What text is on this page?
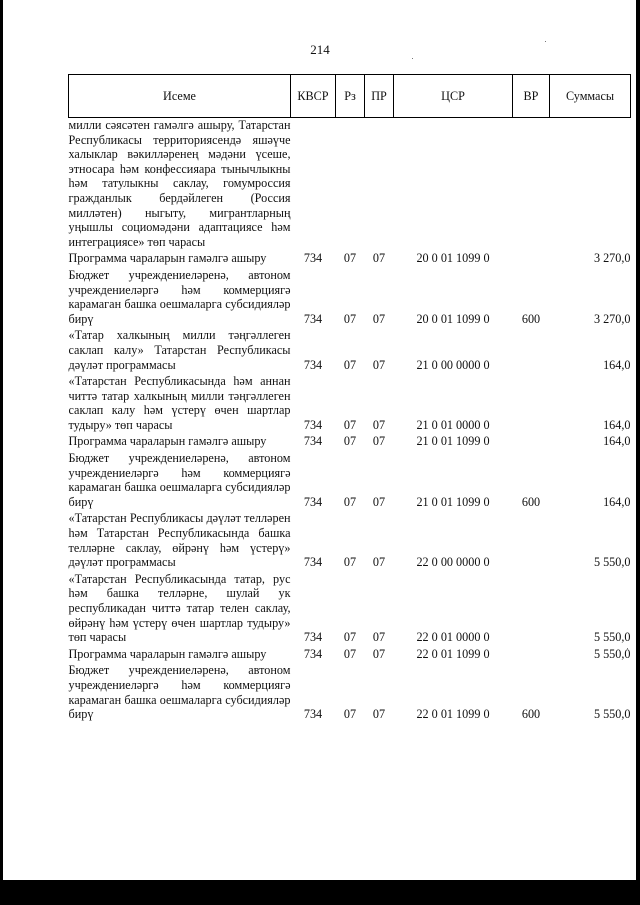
214
Исеме	КВСР	Рз	ПР	ЦСР	ВР	Суммасы
милли сәясәтен гамәлгә ашыру, Татарстан Республикасы территориясендә яшәүче халыклар вәкилләренең мәдәни үсеше, этносара һәм конфессияара тынычлыкны һәм татулыкны саклау, гомумроссия гражданлык бердәйлеген (Россия милләтен) ныгыту, мигрантларның уңышлы социомәдәни адаптациясе һәм интеграциясе» төп чарасы						

Программа чараларын гамәлгә ашыру	734	07	07	20 0 01 1099 0		3 270,0

Бюджет учреждениеләренә, автоном учреждениеләргә һәм коммерциягә карамаган башка оешмаларга субсидияләр бирү	734	07	07	20 0 01 1099 0	600	3 270,0

«Татар халкының милли тәңгәллеген саклап калу» Татарстан Республикасы дәүләт программасы	734	07	07	21 0 00 0000 0		164,0

«Татарстан Республикасында һәм аннан читтә татар халкының милли тәңгәллеген саклап калу һәм үстерү өчен шартлар тудыру» төп чарасы	734	07	07	21 0 01 0000 0		164,0

Программа чараларын гамәлгә ашыру	734	07	07	21 0 01 1099 0		164,0

Бюджет учреждениеләренә, автоном учреждениеләргә һәм коммерциягә карамаган башка оешмаларга субсидияләр бирү	734	07	07	21 0 01 1099 0	600	164,0

«Татарстан Республикасы дәүләт телләрен һәм Татарстан Республикасында башка телләрне саклау, өйрәнү һәм үстерү» дәүләт программасы	734	07	07	22 0 00 0000 0		5 550,0

«Татарстан Республикасында татар, рус һәм башка телләрне, шулай ук республикадан читтә татар телен саклау, өйрәнү һәм үстерү өчен шартлар тудыру» төп чарасы	734	07	07	22 0 01 0000 0		5 550,0

Программа чараларын гамәлгә ашыру	734	07	07	22 0 01 1099 0		5 550,0

Бюджет учреждениеләренә, автоном учреждениеләргә һәм коммерциягә карамаган башка оешмаларга субсидияләр бирү	734	07	07	22 0 01 1099 0	600	5 550,0
